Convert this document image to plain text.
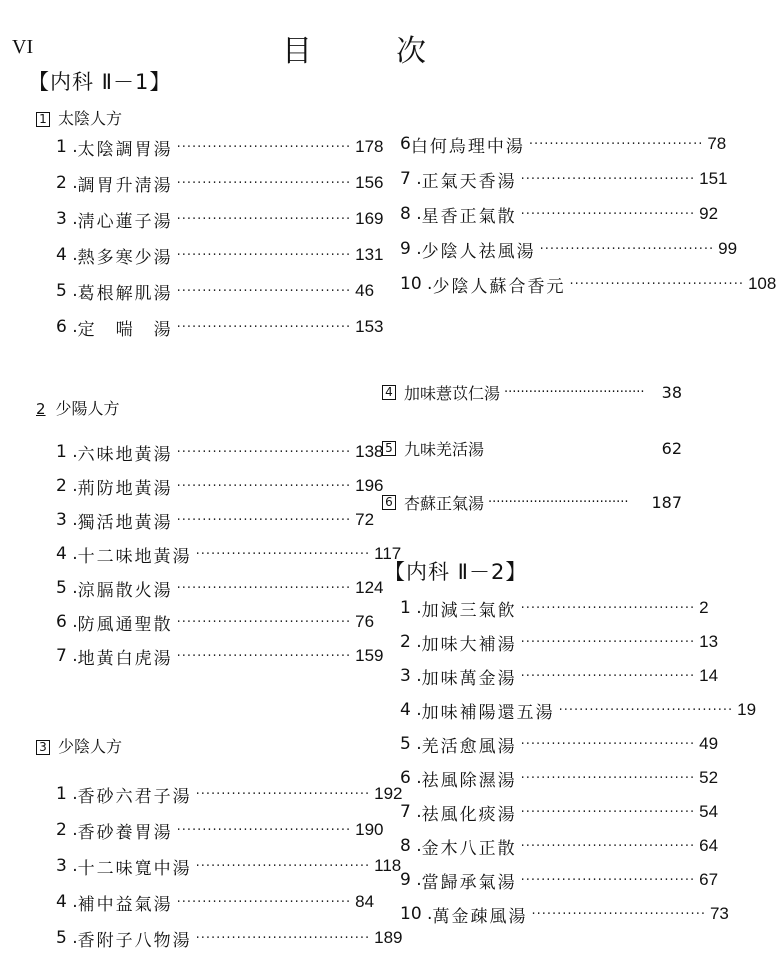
VI	目	次
【内科 Ⅱ－1】
1 太陰人方
1 . 太陰調胃湯 ·································· 178
2 . 調胃升淸湯 ·································· 156
3 . 淸心蓮子湯 ·································· 169
4 . 熱多寒少湯 ·································· 131
5 . 葛根解肌湯 ·································· 46
6 . 定　喘　湯 ·································· 153
6 白何烏理中湯 ·································· 78
7 . 正氣天香湯 ·································· 151
8 . 星香正氣散 ·································· 92
9 . 少陰人祛風湯 ·································· 99
10 . 少陰人蘇合香元 ·································· 108
2 少陽人方
1 . 六味地黃湯 ·································· 138
2 . 荊防地黃湯 ·································· 196
3 . 獨活地黃湯 ·································· 72
4 . 十二味地黃湯 ·································· 117
5 . 涼膈散火湯 ·································· 124
6 . 防風通聖散 ·································· 76
7 . 地黃白虎湯 ·································· 159
3 少陰人方
1 . 香砂六君子湯 ·································· 192
2 . 香砂養胃湯 ·································· 190
3 . 十二味寬中湯 ·································· 118
4 . 補中益氣湯 ·································· 84
5 . 香附子八物湯 ·································· 189
4 加味薏苡仁湯 ··································	38
5 九味羌活湯	62
6 杏蘇正氣湯 ··································	187
【内科 Ⅱ－2】
1 . 加減三氣飮 ·································· 2
2 . 加味大補湯 ·································· 13
3 . 加味萬金湯 ·································· 14
4 . 加味補陽還五湯 ·································· 19
5 . 羌活愈風湯 ·································· 49
6 . 祛風除濕湯 ·································· 52
7 . 祛風化痰湯 ·································· 54
8 . 金木八正散 ·································· 64
9 . 當歸承氣湯 ·································· 67
10 . 萬金疎風湯 ·································· 73
